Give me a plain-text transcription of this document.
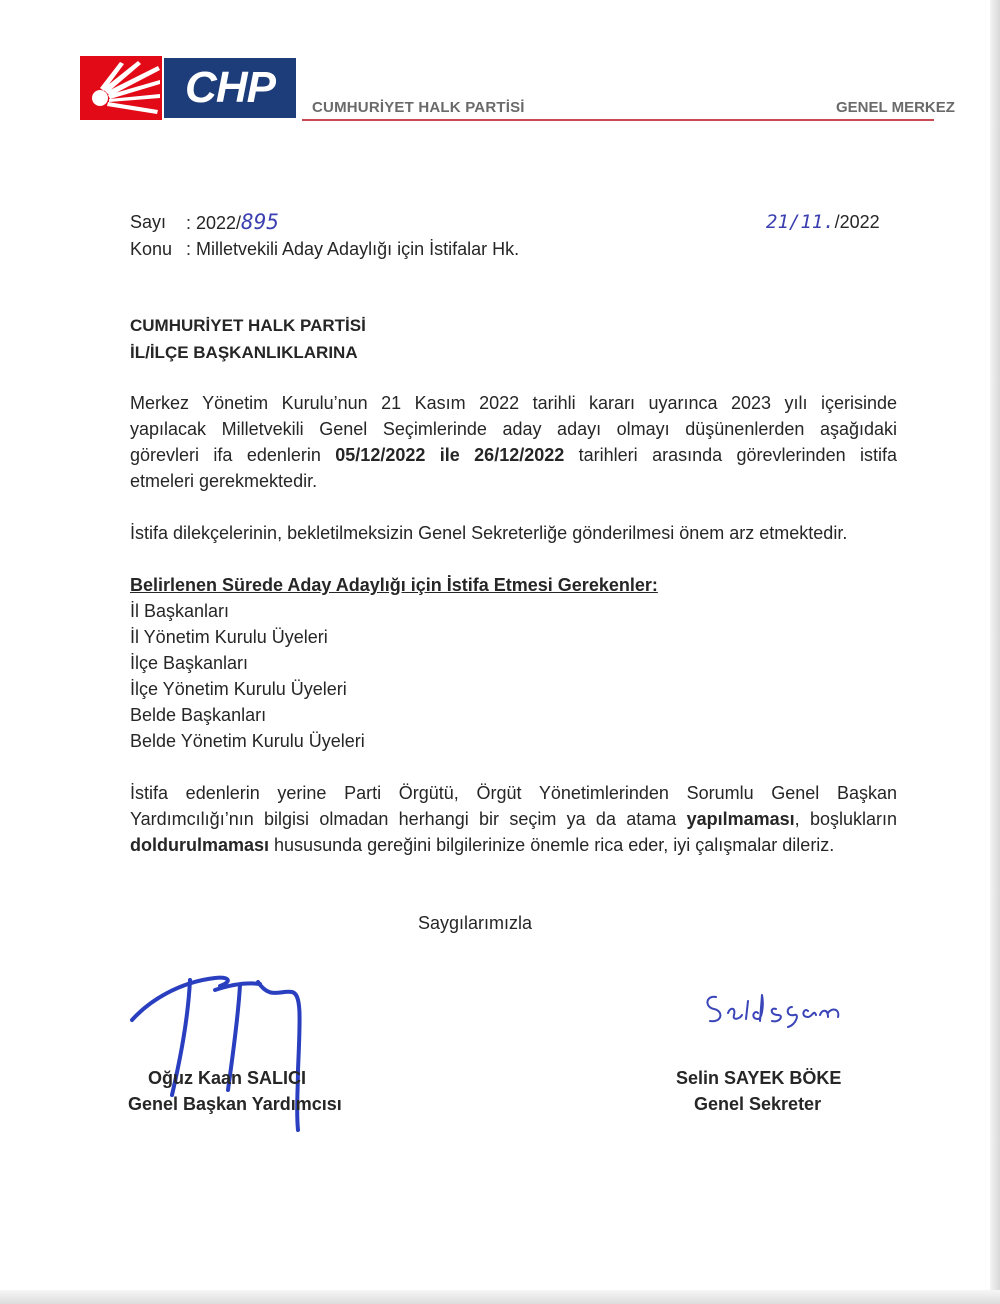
CHP	CUMHURİYET HALK PARTİSİ	GENEL MERKEZ
Sayı : 2022/895	21/11./2022
Konu : Milletvekili Aday Adaylığı için İstifalar Hk.
CUMHURİYET HALK PARTİSİ
İL/İLÇE BAŞKANLIKLARINA
Merkez Yönetim Kurulu’nun 21 Kasım 2022 tarihli kararı uyarınca 2023 yılı içerisinde
yapılacak Milletvekili Genel Seçimlerinde aday adayı olmayı düşünenlerden aşağıdaki
görevleri ifa edenlerin 05/12/2022 ile 26/12/2022 tarihleri arasında görevlerinden istifa
etmeleri gerekmektedir.
İstifa dilekçelerinin, bekletilmeksizin Genel Sekreterliğe gönderilmesi önem arz etmektedir.
Belirlenen Sürede Aday Adaylığı için İstifa Etmesi Gerekenler:
İl Başkanları
İl Yönetim Kurulu Üyeleri
İlçe Başkanları
İlçe Yönetim Kurulu Üyeleri
Belde Başkanları
Belde Yönetim Kurulu Üyeleri
İstifa edenlerin yerine Parti Örgütü, Örgüt Yönetimlerinden Sorumlu Genel Başkan
Yardımcılığı’nın bilgisi olmadan herhangi bir seçim ya da atama yapılmaması, boşlukların
doldurulmaması hususunda gereğini bilgilerinize önemle rica eder, iyi çalışmalar dileriz.
Saygılarımızla
Oğuz Kaan SALICI
Genel Başkan Yardımcısı
Selin SAYEK BÖKE
Genel Sekreter
